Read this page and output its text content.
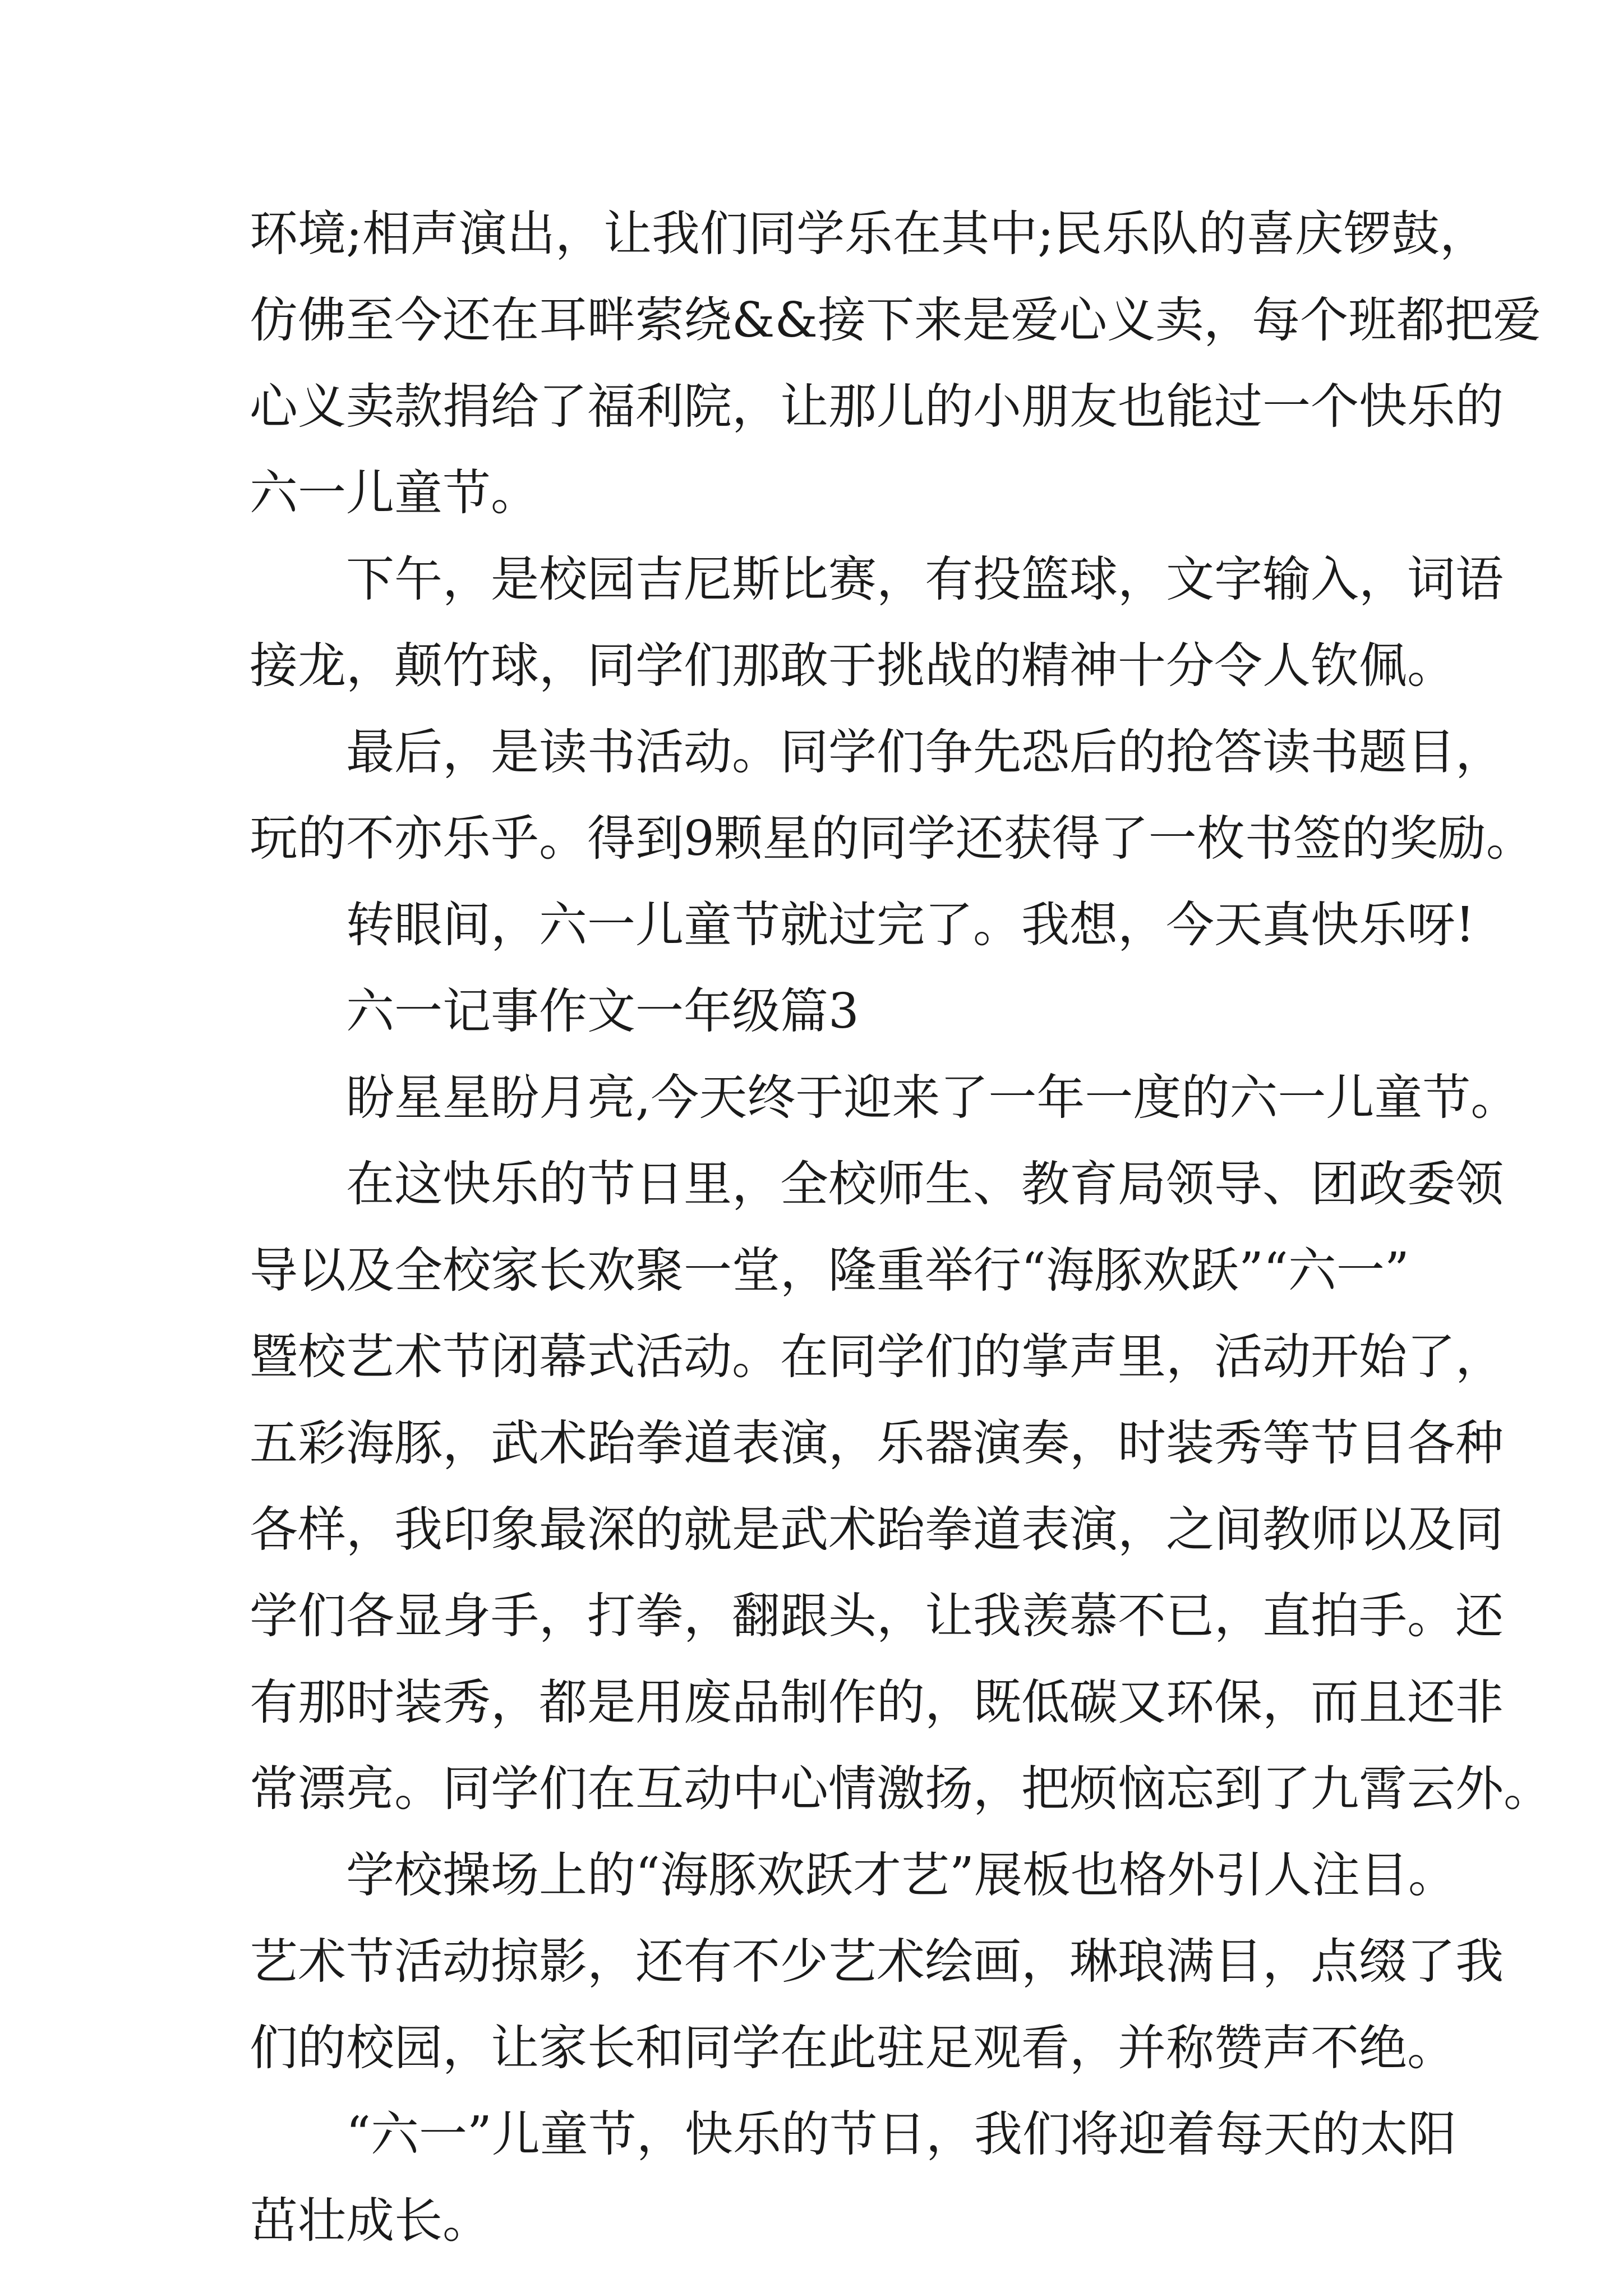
环境;相声演出，让我们同学乐在其中;民乐队的喜庆锣鼓，
仿佛至今还在耳畔萦绕&&接下来是爱心义卖，每个班都把爱
心义卖款捐给了福利院，让那儿的小朋友也能过一个快乐的
六一儿童节。
下午，是校园吉尼斯比赛，有投篮球，文字输入，词语
接龙，颠竹球，同学们那敢于挑战的精神十分令人钦佩。
最后，是读书活动。同学们争先恐后的抢答读书题目，
玩的不亦乐乎。得到9颗星的同学还获得了一枚书签的奖励。
转眼间，六一儿童节就过完了。我想，今天真快乐呀!
六一记事作文一年级篇3
盼星星盼月亮,今天终于迎来了一年一度的六一儿童节。
在这快乐的节日里，全校师生、教育局领导、团政委领
导以及全校家长欢聚一堂，隆重举行“海豚欢跃”“六一”
暨校艺术节闭幕式活动。在同学们的掌声里，活动开始了，
五彩海豚，武术跆拳道表演，乐器演奏，时装秀等节目各种
各样，我印象最深的就是武术跆拳道表演，之间教师以及同
学们各显身手，打拳，翻跟头，让我羡慕不已，直拍手。还
有那时装秀，都是用废品制作的，既低碳又环保，而且还非
常漂亮。同学们在互动中心情激扬，把烦恼忘到了九霄云外。
学校操场上的“海豚欢跃才艺”展板也格外引人注目。
艺术节活动掠影，还有不少艺术绘画，琳琅满目，点缀了我
们的校园，让家长和同学在此驻足观看，并称赞声不绝。
“六一”儿童节，快乐的节日，我们将迎着每天的太阳
茁壮成长。
